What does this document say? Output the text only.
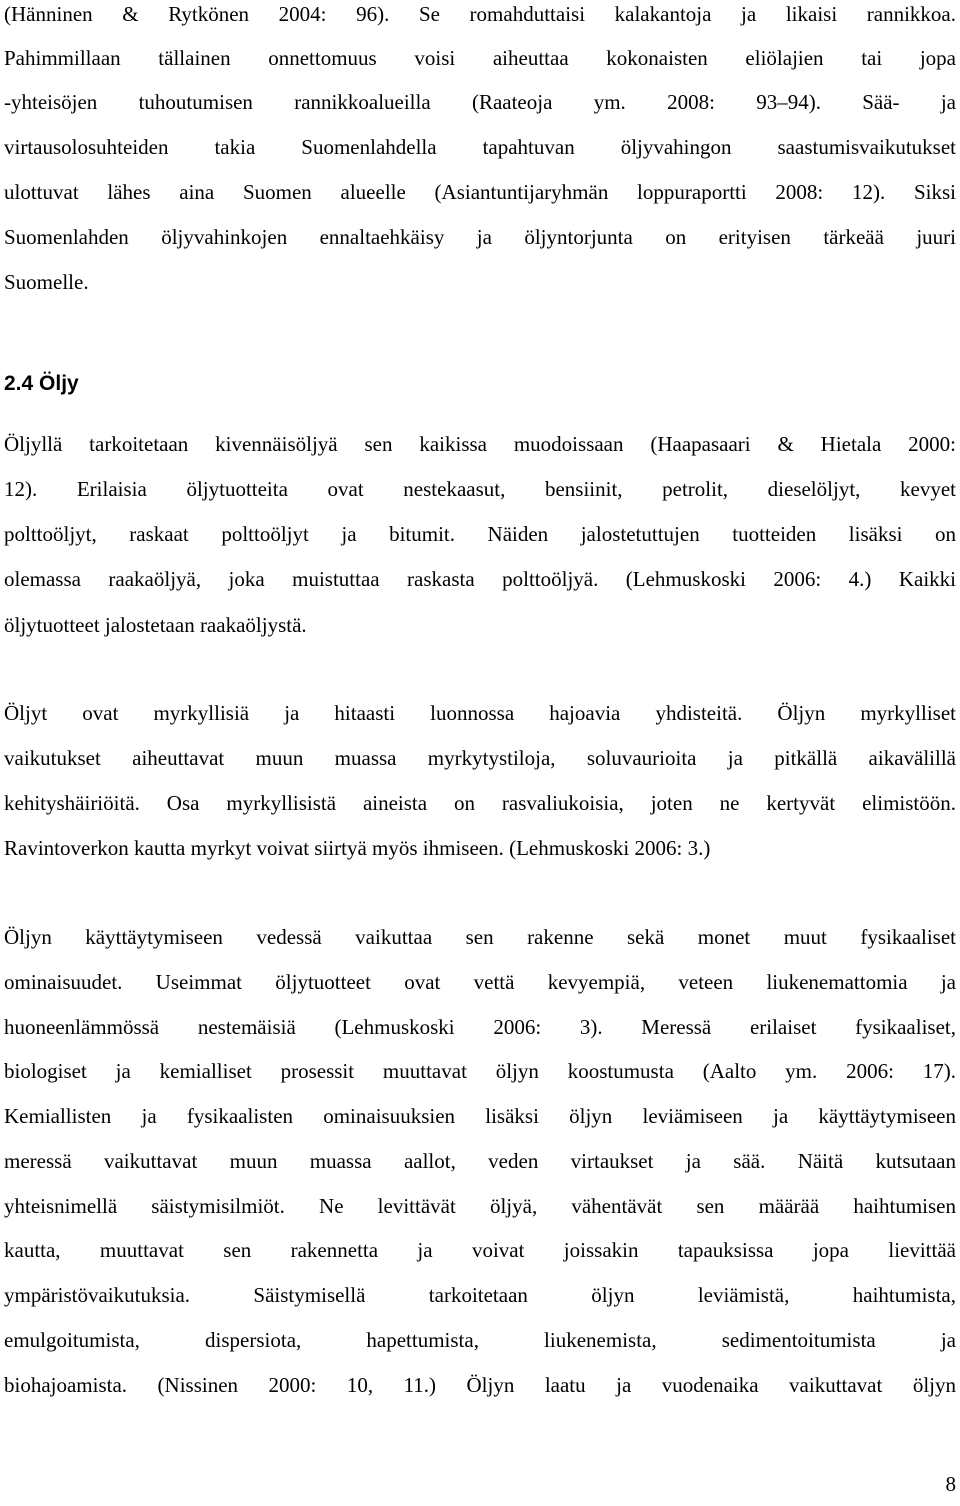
(Hänninen & Rytkönen 2004: 96). Se romahduttaisi kalakantoja ja likaisi rannikkoa.
Pahimmillaan tällainen onnettomuus voisi aiheuttaa kokonaisten eliölajien tai jopa
-yhteisöjen tuhoutumisen rannikkoalueilla (Raateoja ym. 2008: 93–94). Sää- ja
virtausolosuhteiden takia Suomenlahdella tapahtuvan öljyvahingon saastumisvaikutukset
ulottuvat lähes aina Suomen alueelle (Asiantuntijaryhmän loppuraportti 2008: 12). Siksi
Suomenlahden öljyvahinkojen ennaltaehkäisy ja öljyntorjunta on erityisen tärkeää juuri
Suomelle.
2.4 Öljy
Öljyllä tarkoitetaan kivennäisöljyä sen kaikissa muodoissaan (Haapasaari & Hietala 2000:
12). Erilaisia öljytuotteita ovat nestekaasut, bensiinit, petrolit, dieselöljyt, kevyet
polttoöljyt, raskaat polttoöljyt ja bitumit. Näiden jalostetuttujen tuotteiden lisäksi on
olemassa raakaöljyä, joka muistuttaa raskasta polttoöljyä. (Lehmuskoski 2006: 4.) Kaikki
öljytuotteet jalostetaan raakaöljystä.
Öljyt ovat myrkyllisiä ja hitaasti luonnossa hajoavia yhdisteitä. Öljyn myrkylliset
vaikutukset aiheuttavat muun muassa myrkytystiloja, soluvaurioita ja pitkällä aikavälillä
kehityshäiriöitä. Osa myrkyllisistä aineista on rasvaliukoisia, joten ne kertyvät elimistöön.
Ravintoverkon kautta myrkyt voivat siirtyä myös ihmiseen. (Lehmuskoski 2006: 3.)
Öljyn käyttäytymiseen vedessä vaikuttaa sen rakenne sekä monet muut fysikaaliset
ominaisuudet. Useimmat öljytuotteet ovat vettä kevyempiä, veteen liukenemattomia ja
huoneenlämmössä nestemäisiä (Lehmuskoski 2006: 3). Meressä erilaiset fysikaaliset,
biologiset ja kemialliset prosessit muuttavat öljyn koostumusta (Aalto ym. 2006: 17).
Kemiallisten ja fysikaalisten ominaisuuksien lisäksi öljyn leviämiseen ja käyttäytymiseen
meressä vaikuttavat muun muassa aallot, veden virtaukset ja sää. Näitä kutsutaan
yhteisnimellä säistymisilmiöt. Ne levittävät öljyä, vähentävät sen määrää haihtumisen
kautta, muuttavat sen rakennetta ja voivat joissakin tapauksissa jopa lievittää
ympäristövaikutuksia. Säistymisellä tarkoitetaan öljyn leviämistä, haihtumista,
emulgoitumista, dispersiota, hapettumista, liukenemista, sedimentoitumista ja
biohajoamista. (Nissinen 2000: 10, 11.) Öljyn laatu ja vuodenaika vaikuttavat öljyn
8
